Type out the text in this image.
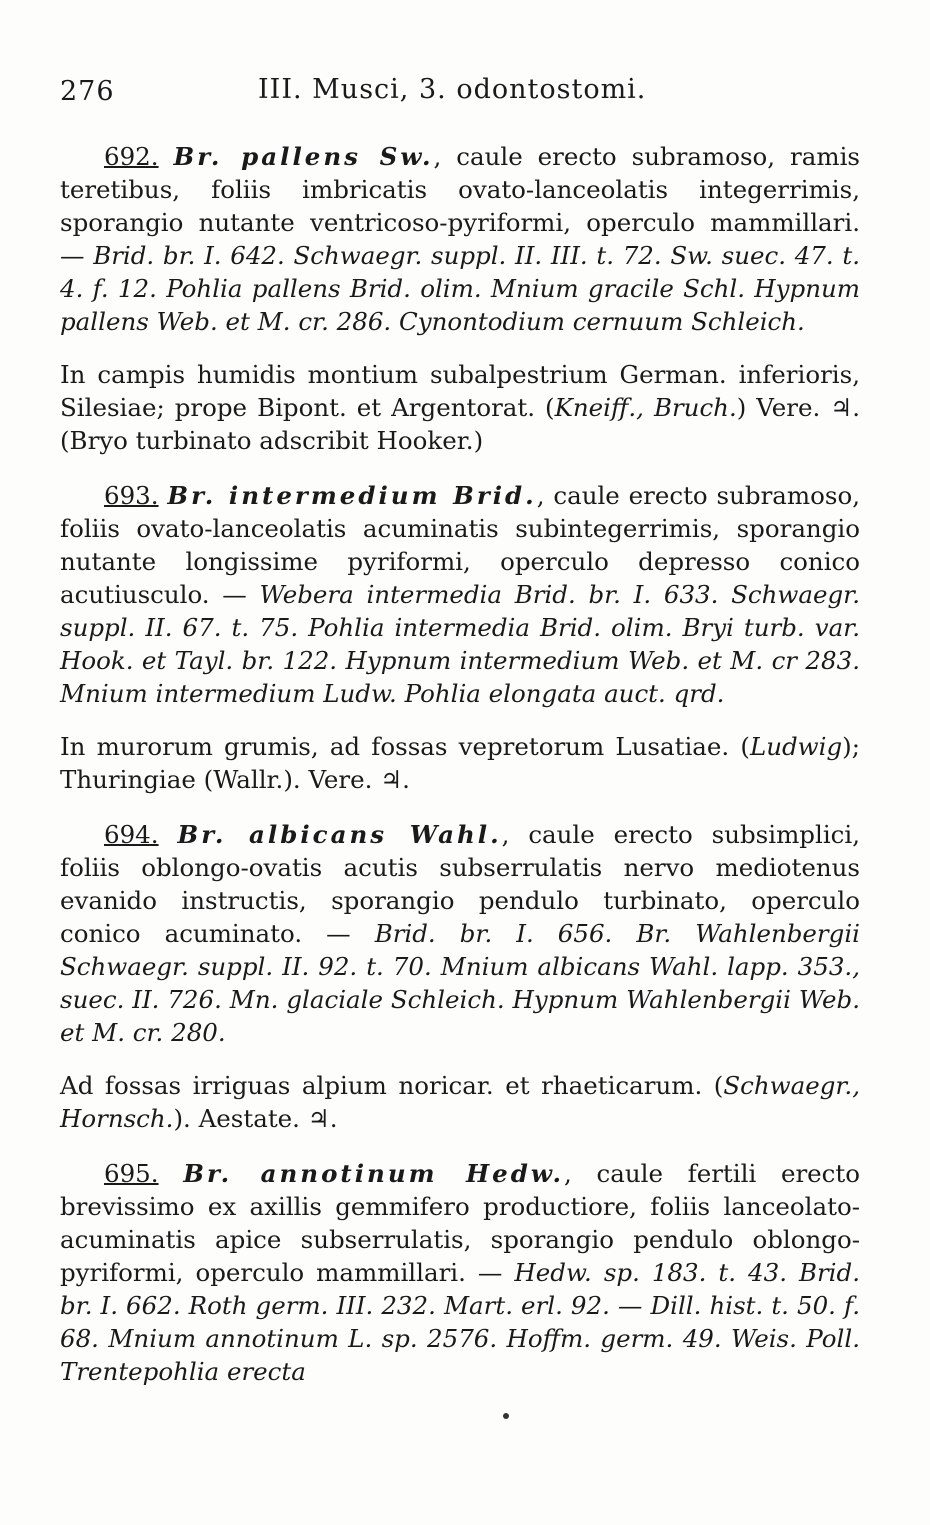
276	III. Musci, 3. odontostomi.

692. Br. pallens Sw., caule erecto subramoso, ramis teretibus, foliis imbricatis ovato-lanceolatis integerrimis, sporangio nutante ventricoso-pyriformi, operculo mammillari. — Brid. br. I. 642. Schwaegr. suppl. II. III. t. 72. Sw. suec. 47. t. 4. f. 12. Pohlia pallens Brid. olim. Mnium gracile Schl. Hypnum pallens Web. et M. cr. 286. Cynontodium cernuum Schleich.

In campis humidis montium subalpestrium German. inferioris, Silesiae; prope Bipont. et Argentorat. (Kneiff., Bruch.) Vere. ♃. (Bryo turbinato adscribit Hooker.)

693. Br. intermedium Brid., caule erecto subramoso, foliis ovato-lanceolatis acuminatis subintegerrimis, sporangio nutante longissime pyriformi, operculo depresso conico acutiusculo. — Webera intermedia Brid. br. I. 633. Schwaegr. suppl. II. 67. t. 75. Pohlia intermedia Brid. olim. Bryi turb. var. Hook. et Tayl. br. 122. Hypnum intermedium Web. et M. cr 283. Mnium intermedium Ludw. Pohlia elongata auct. qrd.

In murorum grumis, ad fossas vepretorum Lusatiae. (Ludwig); Thuringiae (Wallr.). Vere. ♃.

694. Br. albicans Wahl., caule erecto subsimplici, foliis oblongo-ovatis acutis subserrulatis nervo mediotenus evanido instructis, sporangio pendulo turbinato, operculo conico acuminato. — Brid. br. I. 656. Br. Wahlenbergii Schwaegr. suppl. II. 92. t. 70. Mnium albicans Wahl. lapp. 353., suec. II. 726. Mn. glaciale Schleich. Hypnum Wahlenbergii Web. et M. cr. 280.

Ad fossas irriguas alpium noricar. et rhaeticarum. (Schwaegr., Hornsch.). Aestate. ♃.

695. Br. annotinum Hedw., caule fertili erecto brevissimo ex axillis gemmifero productiore, foliis lanceolato-acuminatis apice subserrulatis, sporangio pendulo oblongo-pyriformi, operculo mammillari. — Hedw. sp. 183. t. 43. Brid. br. I. 662. Roth germ. III. 232. Mart. erl. 92. — Dill. hist. t. 50. f. 68. Mnium annotinum L. sp. 2576. Hoffm. germ. 49. Weis. Poll. Trentepohlia erecta
